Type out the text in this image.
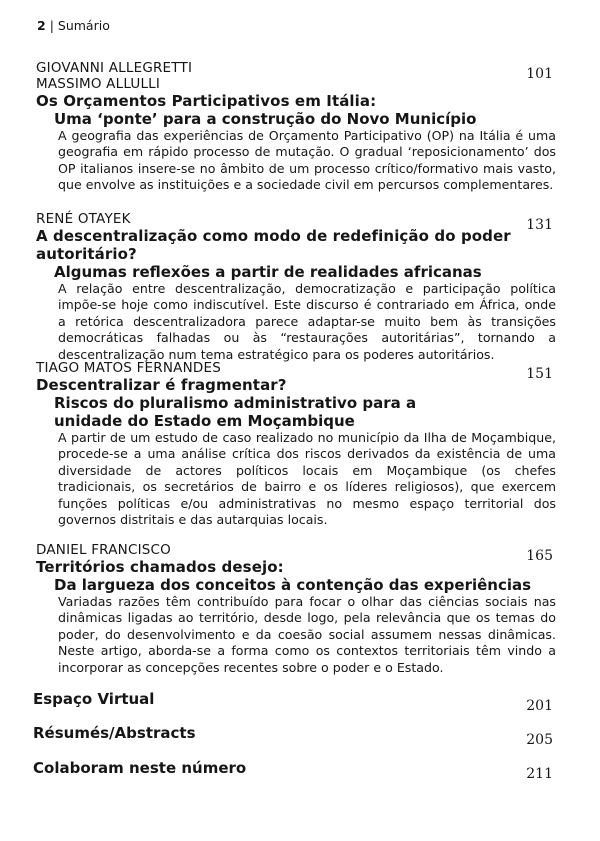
2 | Sumário
GIOVANNI ALLEGRETTI
MASSIMO ALLULLI
Os Orçamentos Participativos em Itália:
Uma ‘ponte’ para a construção do Novo Município
A geografia das experiências de Orçamento Participativo (OP) na Itália é uma geografia em rápido processo de mutação. O gradual ‘reposicionamento’ dos OP italianos insere-se no âmbito de um processo crítico/formativo mais vasto, que envolve as instituições e a sociedade civil em percursos complementares.
101
RENÉ OTAYEK
A descentralização como modo de redefinição do poder autoritário?
Algumas reflexões a partir de realidades africanas
A relação entre descentralização, democratização e participação política impõe-se hoje como indiscutível. Este discurso é contrariado em África, onde a retórica descentralizadora parece adaptar-se muito bem às transições democráticas falhadas ou às “restaurações autoritárias”, tornando a descentralização num tema estratégico para os poderes autoritários.
131
TIAGO MATOS FERNANDES
Descentralizar é fragmentar?
Riscos do pluralismo administrativo para a unidade do Estado em Moçambique
A partir de um estudo de caso realizado no município da Ilha de Moçambique, procede-se a uma análise crítica dos riscos derivados da existência de uma diversidade de actores políticos locais em Moçambique (os chefes tradicionais, os secretários de bairro e os líderes religiosos), que exercem funções políticas e/ou administrativas no mesmo espaço territorial dos governos distritais e das autarquias locais.
151
DANIEL FRANCISCO
Territórios chamados desejo:
Da largueza dos conceitos à contenção das experiências
Variadas razões têm contribuído para focar o olhar das ciências sociais nas dinâmicas ligadas ao território, desde logo, pela relevância que os temas do poder, do desenvolvimento e da coesão social assumem nessas dinâmicas. Neste artigo, aborda-se a forma como os contextos territoriais têm vindo a incorporar as concepções recentes sobre o poder e o Estado.
165
Espaço Virtual	201
Résumés/Abstracts	205
Colaboram neste número	211
